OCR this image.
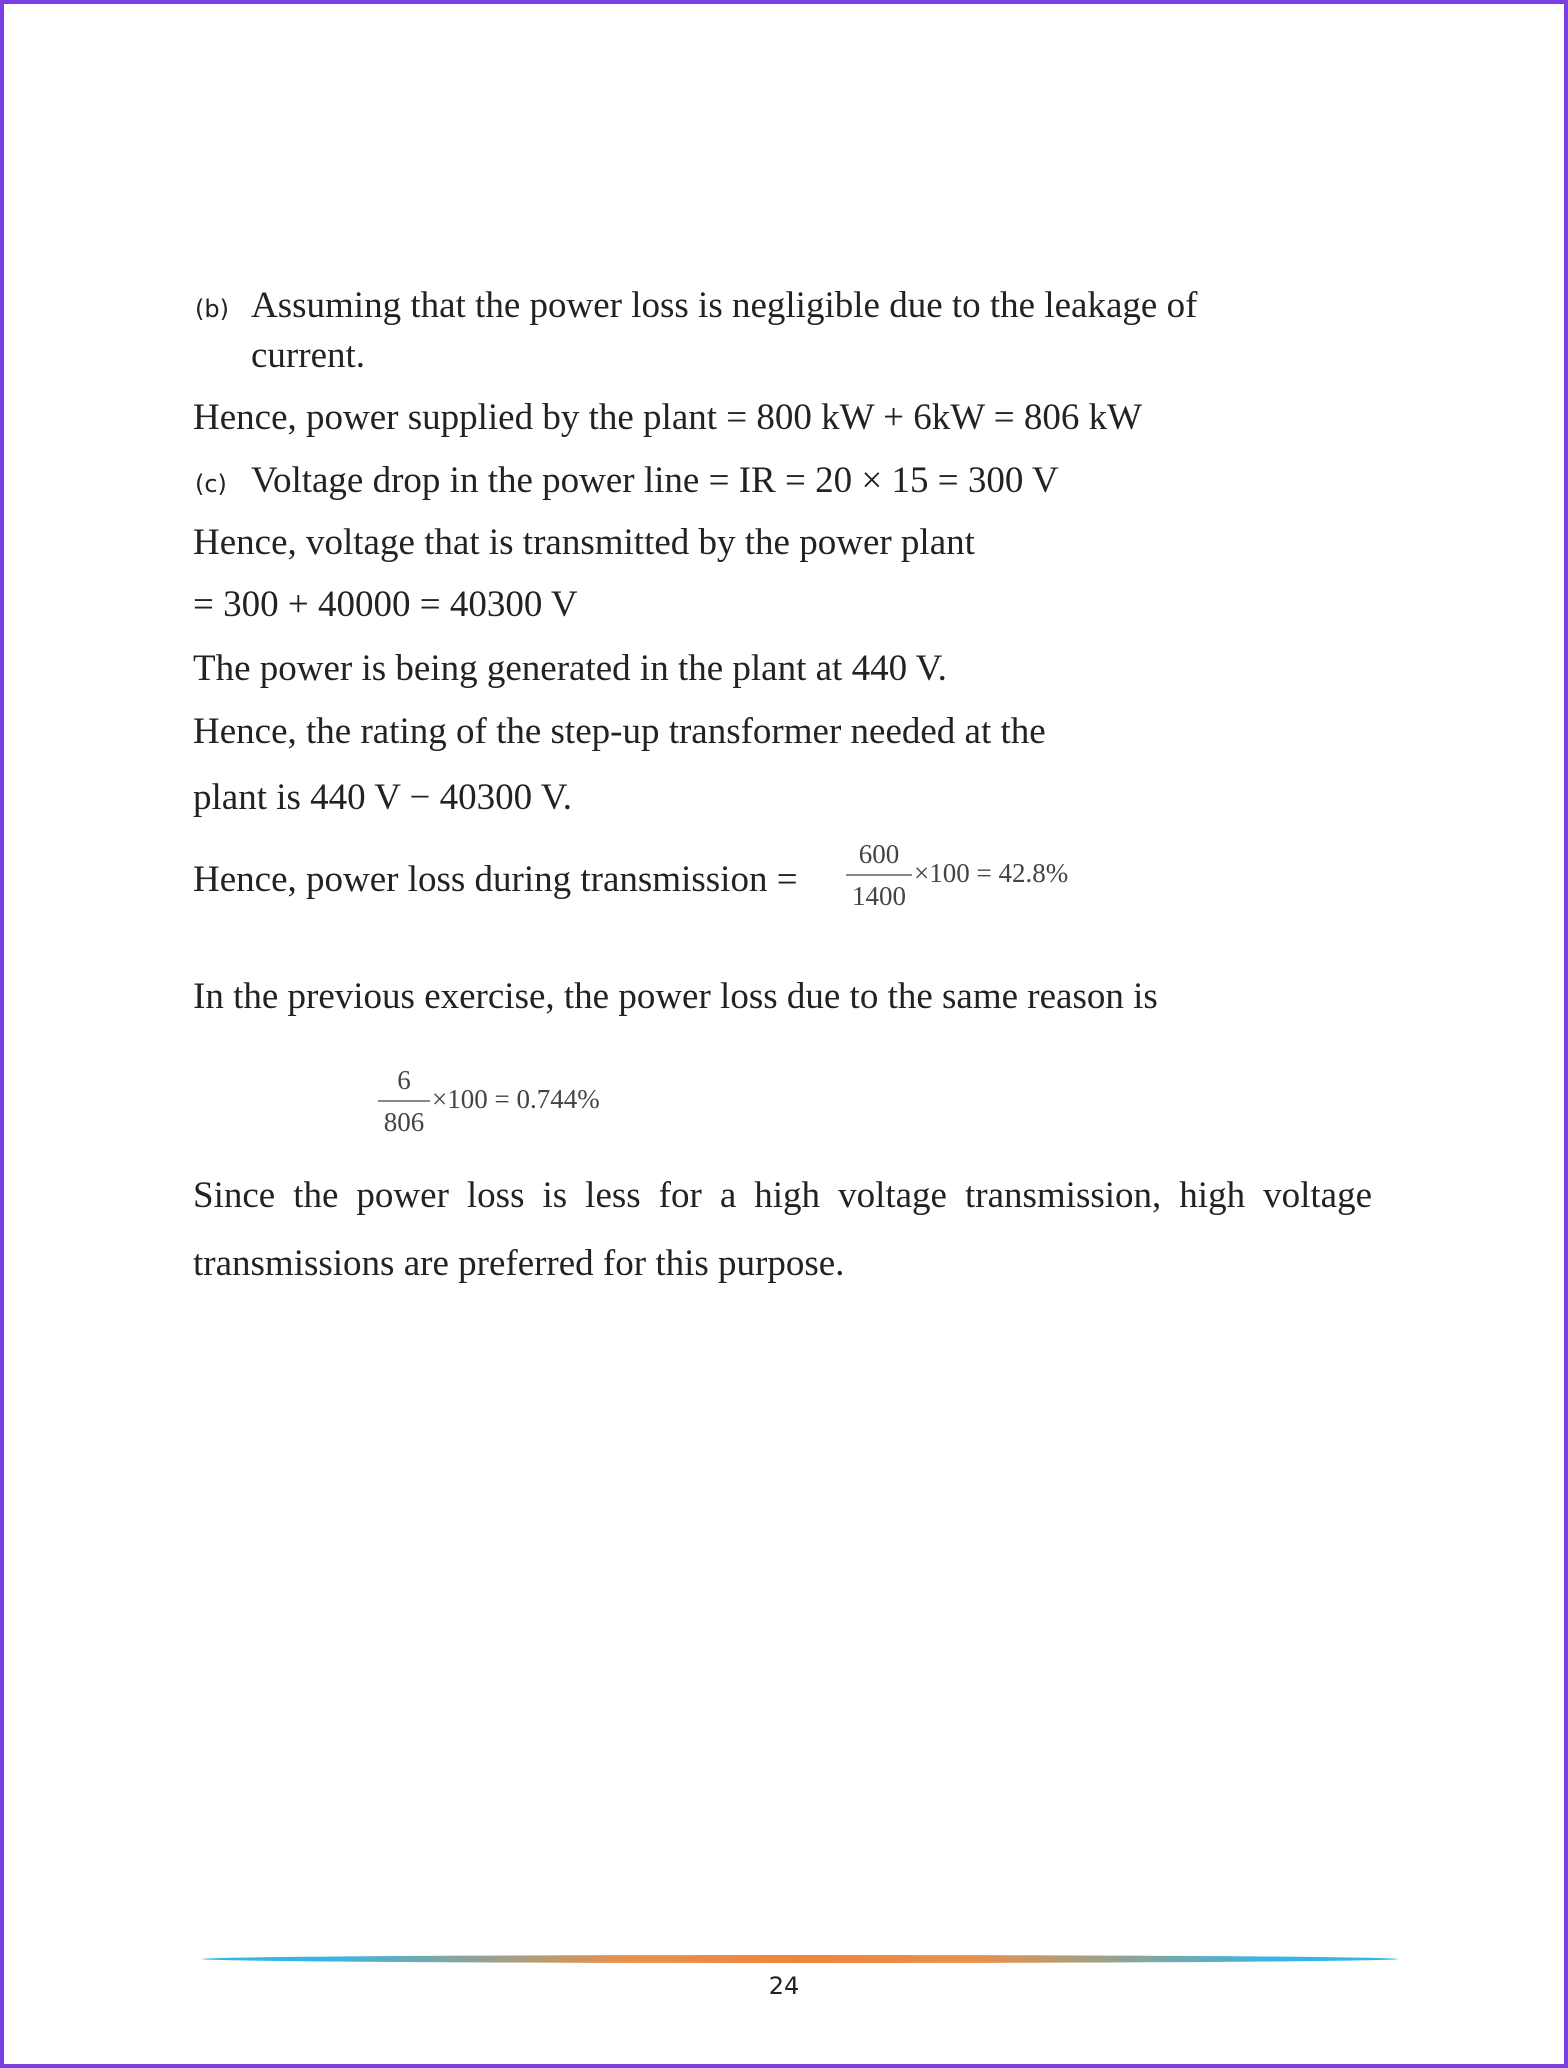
(b) Assuming that the power loss is negligible due to the leakage of
current.
Hence, power supplied by the plant = 800 kW + 6kW = 806 kW
(c) Voltage drop in the power line = IR = 20 × 15 = 300 V
Hence, voltage that is transmitted by the power plant
= 300 + 40000 = 40300 V
The power is being generated in the plant at 440 V.
Hence, the rating of the step-up transformer needed at the
plant is 440 V − 40300 V.
Hence, power loss during transmission =
600
1400
×100 = 42.8%
In the previous exercise, the power loss due to the same reason is
6
806
×100 = 0.744%
Since the power loss is less for a high voltage transmission, high voltage
transmissions are preferred for this purpose.
24
